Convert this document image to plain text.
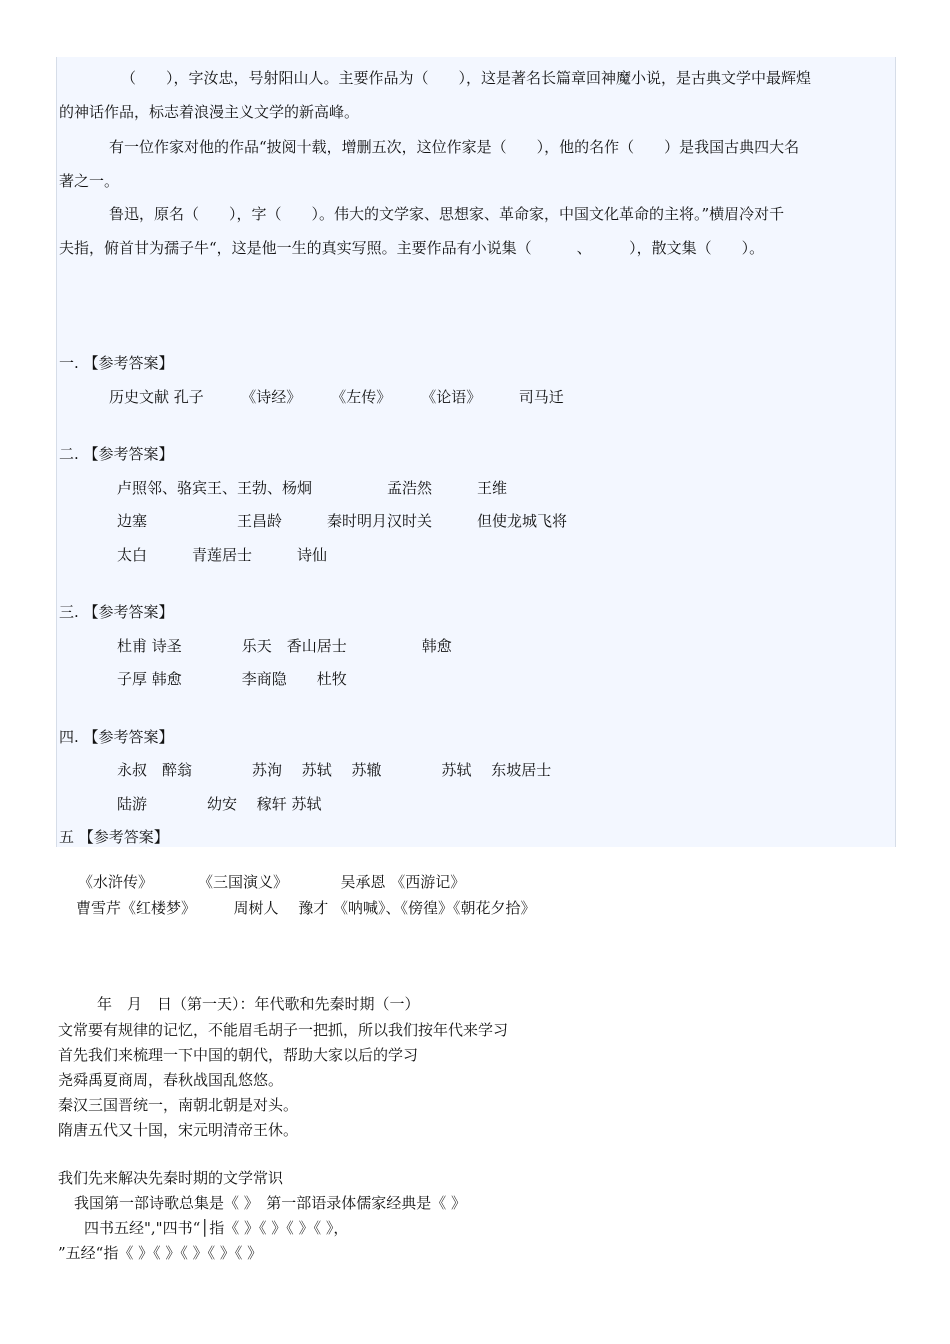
（　　），字汝忠，号射阳山人。主要作品为（　　），这是著名长篇章回神魔小说，是古典文学中最辉煌
的神话作品，标志着浪漫主义文学的新高峰。
有一位作家对他的作品“披阅十载，增删五次，这位作家是（　　），他的名作（　　）是我国古典四大名
著之一。
鲁迅，原名（　　），字（　　）。伟大的文学家、思想家、革命家，中国文化革命的主将。”横眉冷对千
夫指，俯首甘为孺子牛“，这是他一生的真实写照。主要作品有小说集（　　　、　　　），散文集（　　）。
一. 【参考答案】
历史文献 孔子　　　《诗经》　　　《左传》　　　《论语》　　　司马迁
二. 【参考答案】
卢照邻、骆宾王、王勃、杨炯　　　　　孟浩然　　　王维
边塞　　　　　　王昌龄　　　秦时明月汉时关　　　但使龙城飞将
太白　　　青莲居士　　　诗仙
三. 【参考答案】
杜甫 诗圣　　　　乐天　香山居士　　　　　韩愈
子厚 韩愈　　　　李商隐　　杜牧
四. 【参考答案】
永叔　醉翁　　　　苏洵　 苏轼　 苏辙　　　　苏轼　 东坡居士
陆游　　　　幼安　 稼轩 苏轼
五 【参考答案】
《水浒传》　　　　《三国演义》　　　　吴承恩 《西游记》
曹雪芹《红楼梦》　　　周树人　 豫才 《呐喊》、《傍徨》《朝花夕拾》
年　月　日（第一天）：年代歌和先秦时期（一）
文常要有规律的记忆，不能眉毛胡子一把抓，所以我们按年代来学习
首先我们来梳理一下中国的朝代，帮助大家以后的学习
尧舜禹夏商周，春秋战国乱悠悠。
秦汉三国晋统一，南朝北朝是对头。
隋唐五代又十国，宋元明清帝王休。
我们先来解决先秦时期的文学常识
我国第一部诗歌总集是《 》　第一部语录体儒家经典是《 》
四书五经","四书“│指《 》《 》《 》《 》，
”五经“指《 》《 》《 》《 》《 》
